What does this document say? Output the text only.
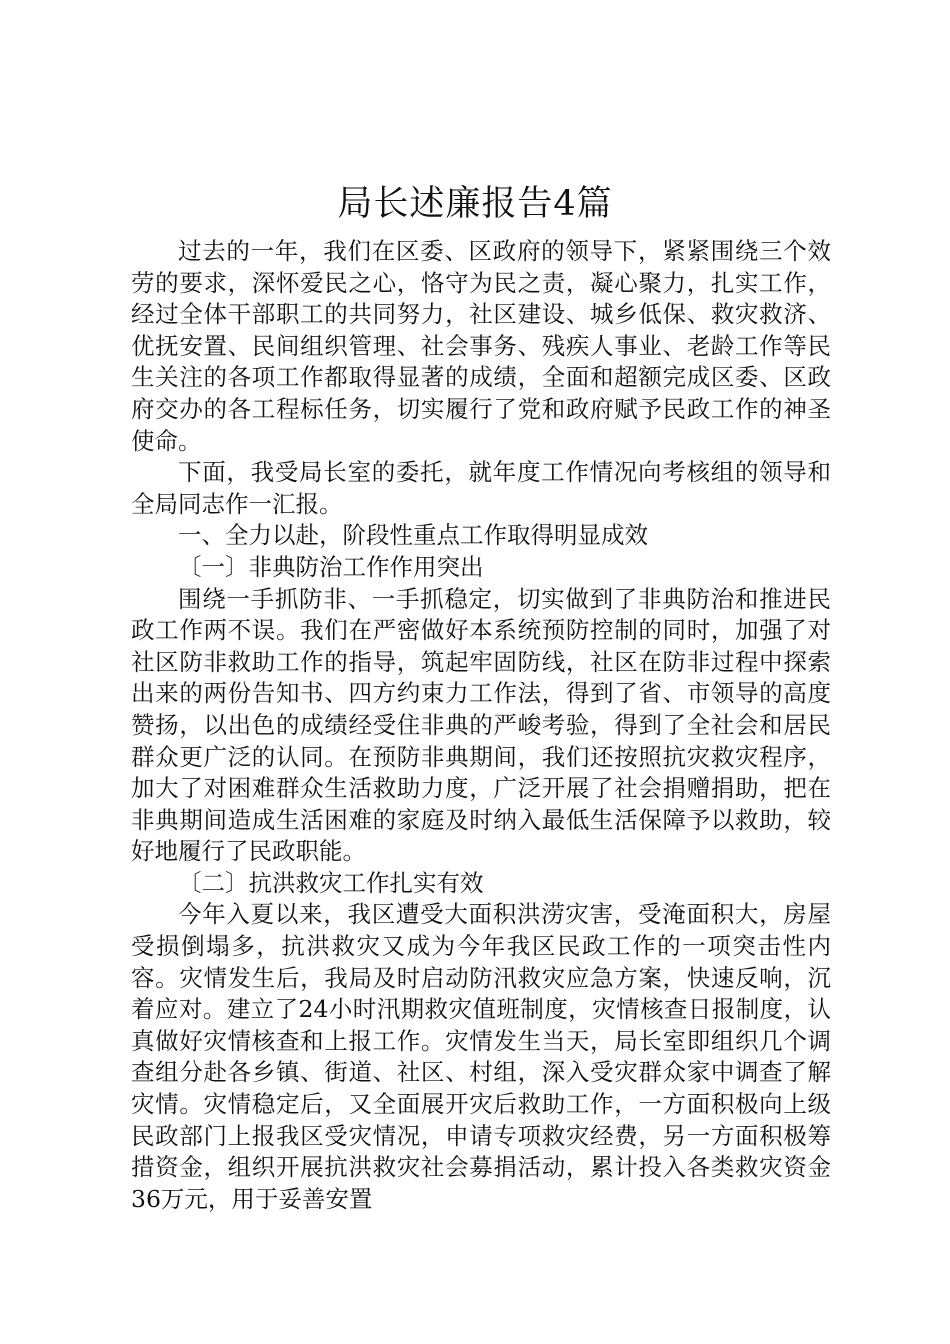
局长述廉报告4篇

过去的一年，我们在区委、区政府的领导下，紧紧围绕三个效劳的要求，深怀爱民之心，恪守为民之责，凝心聚力，扎实工作，经过全体干部职工的共同努力，社区建设、城乡低保、救灾救济、优抚安置、民间组织管理、社会事务、残疾人事业、老龄工作等民生关注的各项工作都取得显著的成绩，全面和超额完成区委、区政府交办的各工程标任务，切实履行了党和政府赋予民政工作的神圣使命。

下面，我受局长室的委托，就年度工作情况向考核组的领导和全局同志作一汇报。

一、全力以赴，阶段性重点工作取得明显成效

〔一〕非典防治工作作用突出

围绕一手抓防非、一手抓稳定，切实做到了非典防治和推进民政工作两不误。我们在严密做好本系统预防控制的同时，加强了对社区防非救助工作的指导，筑起牢固防线，社区在防非过程中探索出来的两份告知书、四方约束力工作法，得到了省、市领导的高度赞扬，以出色的成绩经受住非典的严峻考验，得到了全社会和居民群众更广泛的认同。在预防非典期间，我们还按照抗灾救灾程序，加大了对困难群众生活救助力度，广泛开展了社会捐赠捐助，把在非典期间造成生活困难的家庭及时纳入最低生活保障予以救助，较好地履行了民政职能。

〔二〕抗洪救灾工作扎实有效

今年入夏以来，我区遭受大面积洪涝灾害，受淹面积大，房屋受损倒塌多，抗洪救灾又成为今年我区民政工作的一项突击性内容。灾情发生后，我局及时启动防汛救灾应急方案，快速反响，沉着应对。建立了24小时汛期救灾值班制度，灾情核查日报制度，认真做好灾情核查和上报工作。灾情发生当天，局长室即组织几个调查组分赴各乡镇、街道、社区、村组，深入受灾群众家中调查了解灾情。灾情稳定后，又全面展开灾后救助工作，一方面积极向上级民政部门上报我区受灾情况，申请专项救灾经费，另一方面积极筹措资金，组织开展抗洪救灾社会募捐活动，累计投入各类救灾资金36万元，用于妥善安置
